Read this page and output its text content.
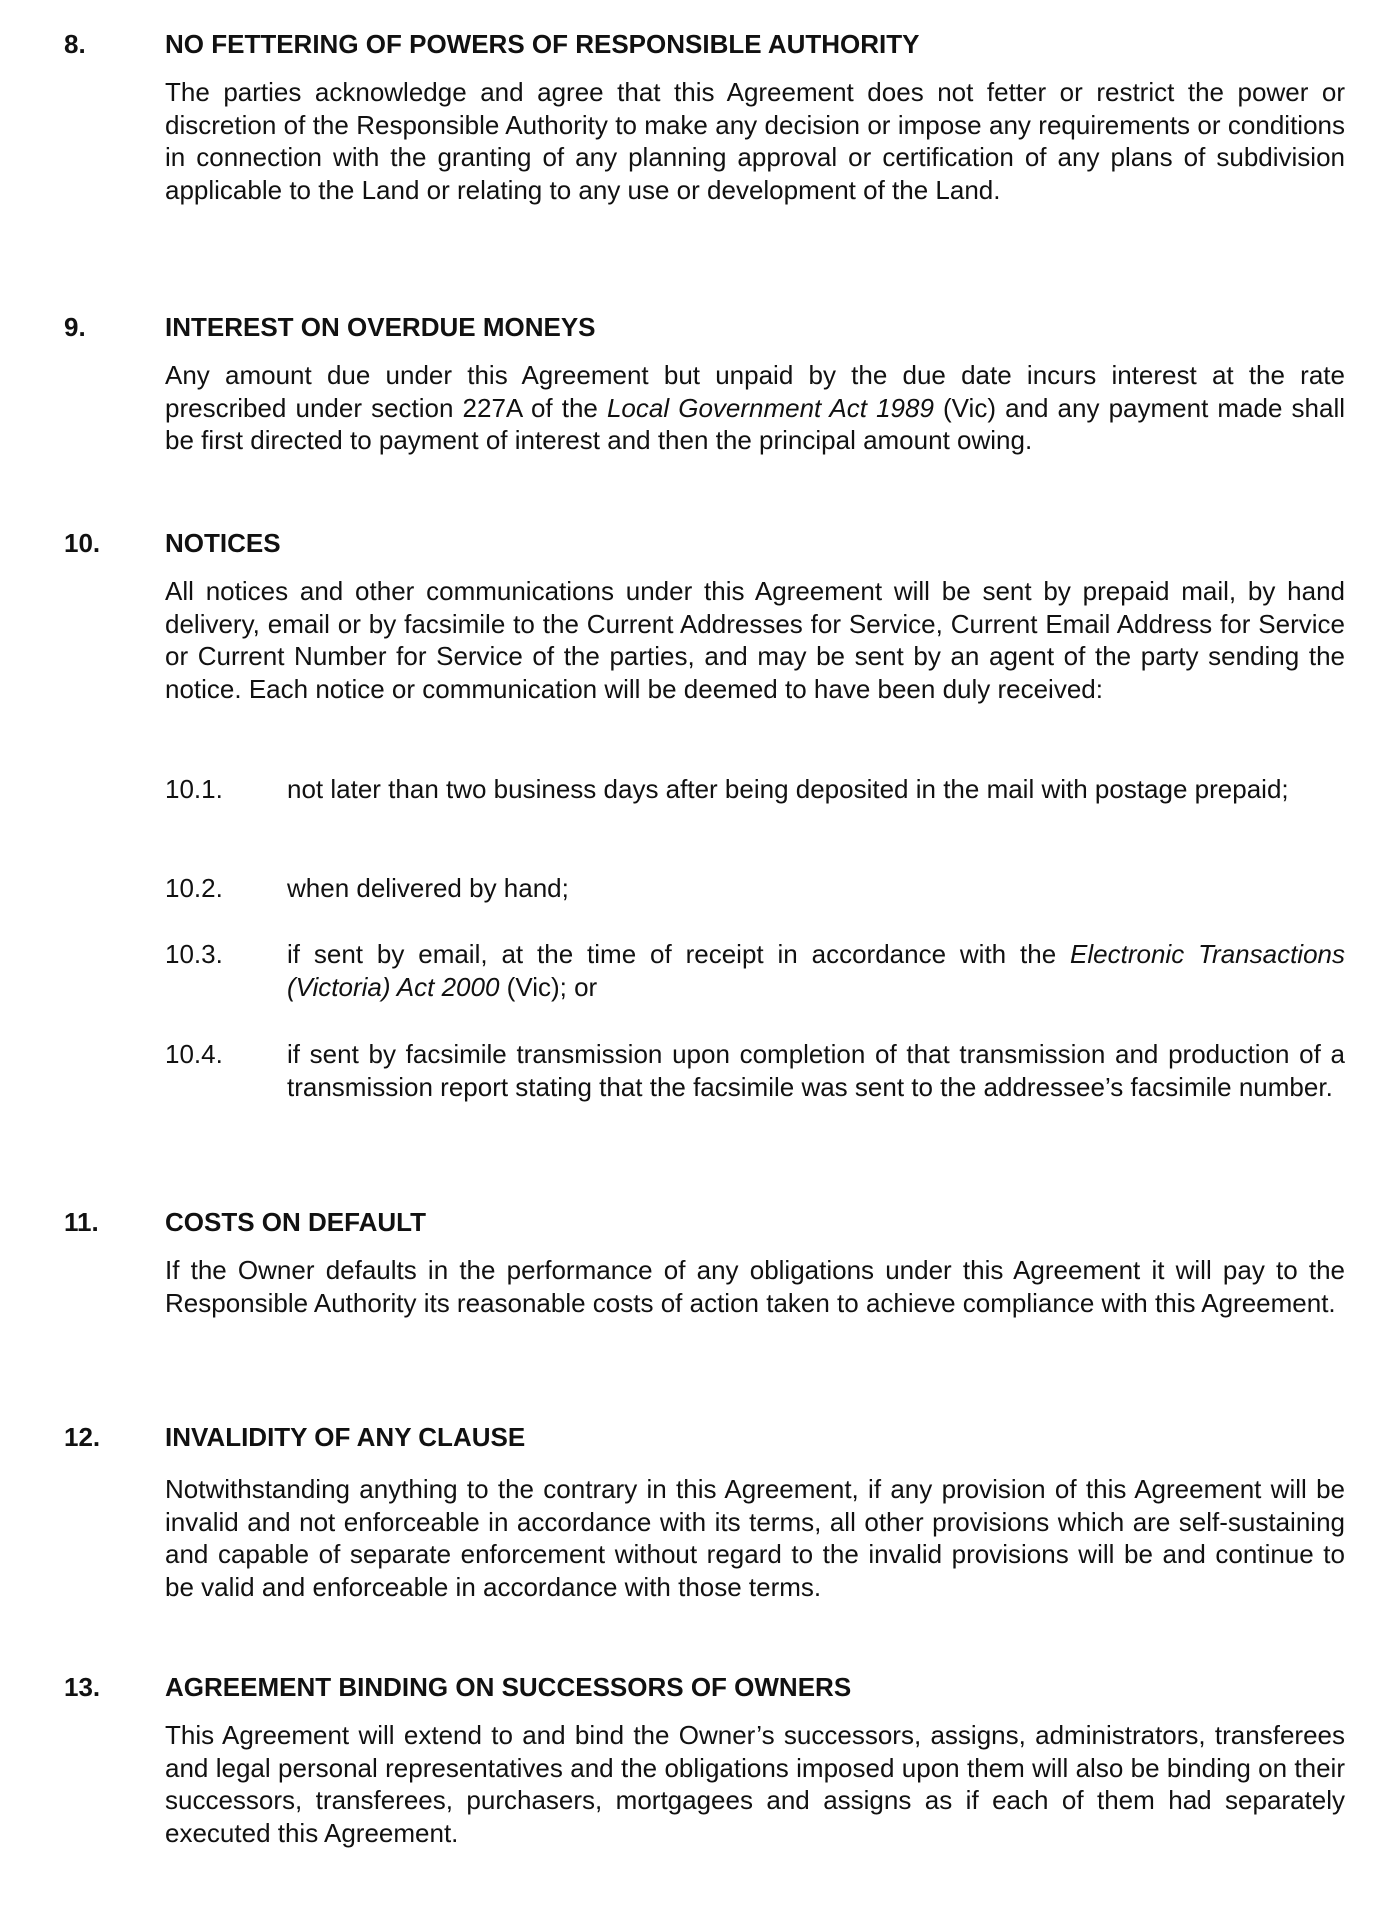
8.	NO FETTERING OF POWERS OF RESPONSIBLE AUTHORITY
The parties acknowledge and agree that this Agreement does not fetter or restrict the power or discretion of the Responsible Authority to make any decision or impose any requirements or conditions in connection with the granting of any planning approval or certification of any plans of subdivision applicable to the Land or relating to any use or development of the Land.
9.	INTEREST ON OVERDUE MONEYS
Any amount due under this Agreement but unpaid by the due date incurs interest at the rate prescribed under section 227A of the Local Government Act 1989 (Vic) and any payment made shall be first directed to payment of interest and then the principal amount owing.
10. NOTICES
All notices and other communications under this Agreement will be sent by prepaid mail, by hand delivery, email or by facsimile to the Current Addresses for Service, Current Email Address for Service or Current Number for Service of the parties, and may be sent by an agent of the party sending the notice. Each notice or communication will be deemed to have been duly received:
10.1. not later than two business days after being deposited in the mail with postage prepaid;
10.2. when delivered by hand;
10.3. if sent by email, at the time of receipt in accordance with the Electronic Transactions (Victoria) Act 2000 (Vic); or
10.4. if sent by facsimile transmission upon completion of that transmission and production of a transmission report stating that the facsimile was sent to the addressee’s facsimile number.
11.	COSTS ON DEFAULT
If the Owner defaults in the performance of any obligations under this Agreement it will pay to the Responsible Authority its reasonable costs of action taken to achieve compliance with this Agreement.
12. INVALIDITY OF ANY CLAUSE
Notwithstanding anything to the contrary in this Agreement, if any provision of this Agreement will be invalid and not enforceable in accordance with its terms, all other provisions which are self-sustaining and capable of separate enforcement without regard to the invalid provisions will be and continue to be valid and enforceable in accordance with those terms.
13. AGREEMENT BINDING ON SUCCESSORS OF OWNERS
This Agreement will extend to and bind the Owner’s successors, assigns, administrators, transferees and legal personal representatives and the obligations imposed upon them will also be binding on their successors, transferees, purchasers, mortgagees and assigns as if each of them had separately executed this Agreement.
